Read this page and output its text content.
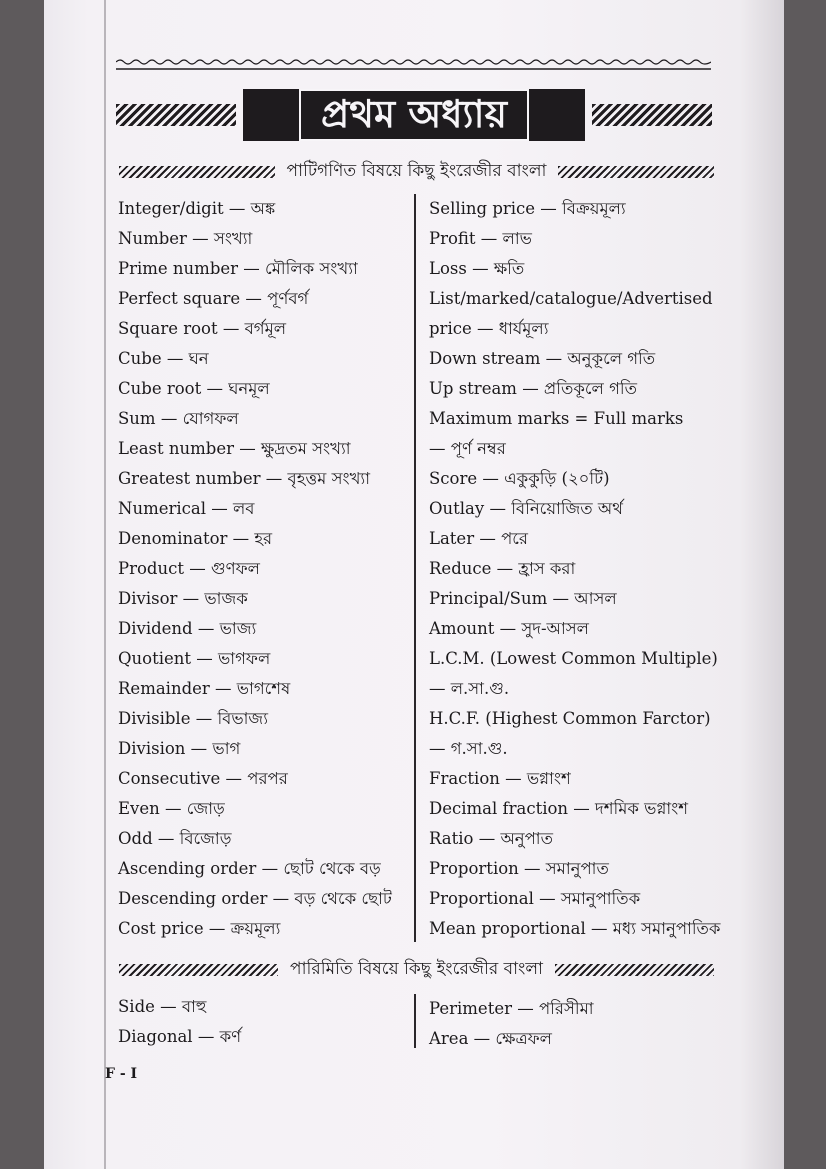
প্রথম অধ্যায়
পাটিগণিত বিষয়ে কিছু ইংরেজীর বাংলা
Integer/digit — অঙ্ক
Number — সংখ্যা
Prime number — মৌলিক সংখ্যা
Perfect square — পূর্ণবর্গ
Square root — বর্গমূল
Cube — ঘন
Cube root — ঘনমূল
Sum — যোগফল
Least number — ক্ষুদ্রতম সংখ্যা
Greatest number — বৃহত্তম সংখ্যা
Numerical — লব
Denominator — হর
Product — গুণফল
Divisor — ভাজক
Dividend — ভাজ্য
Quotient — ভাগফল
Remainder — ভাগশেষ
Divisible — বিভাজ্য
Division — ভাগ
Consecutive — পরপর
Even — জোড়
Odd — বিজোড়
Ascending order — ছোট থেকে বড়
Descending order — বড় থেকে ছোট
Cost price — ক্রয়মূল্য
Selling price — বিক্রয়মূল্য
Profit — লাভ
Loss — ক্ষতি
List/marked/catalogue/Advertised
price — ধার্যমূল্য
Down stream — অনুকূলে গতি
Up stream — প্রতিকূলে গতি
Maximum marks = Full marks
— পূর্ণ নম্বর
Score — একুকুড়ি (২০টি)
Outlay — বিনিয়োজিত অর্থ
Later — পরে
Reduce — হ্রাস করা
Principal/Sum — আসল
Amount — সুদ-আসল
L.C.M. (Lowest Common Multiple)
— ল.সা.গু.
H.C.F. (Highest Common Farctor)
— গ.সা.গু.
Fraction — ভগ্নাংশ
Decimal fraction — দশমিক ভগ্নাংশ
Ratio — অনুপাত
Proportion — সমানুপাত
Proportional — সমানুপাতিক
Mean proportional — মধ্য সমানুপাতিক
পারিমিতি বিষয়ে কিছু ইংরেজীর বাংলা
Side — বাহু
Diagonal — কর্ণ
Perimeter — পরিসীমা
Area — ক্ষেত্রফল
F - I
